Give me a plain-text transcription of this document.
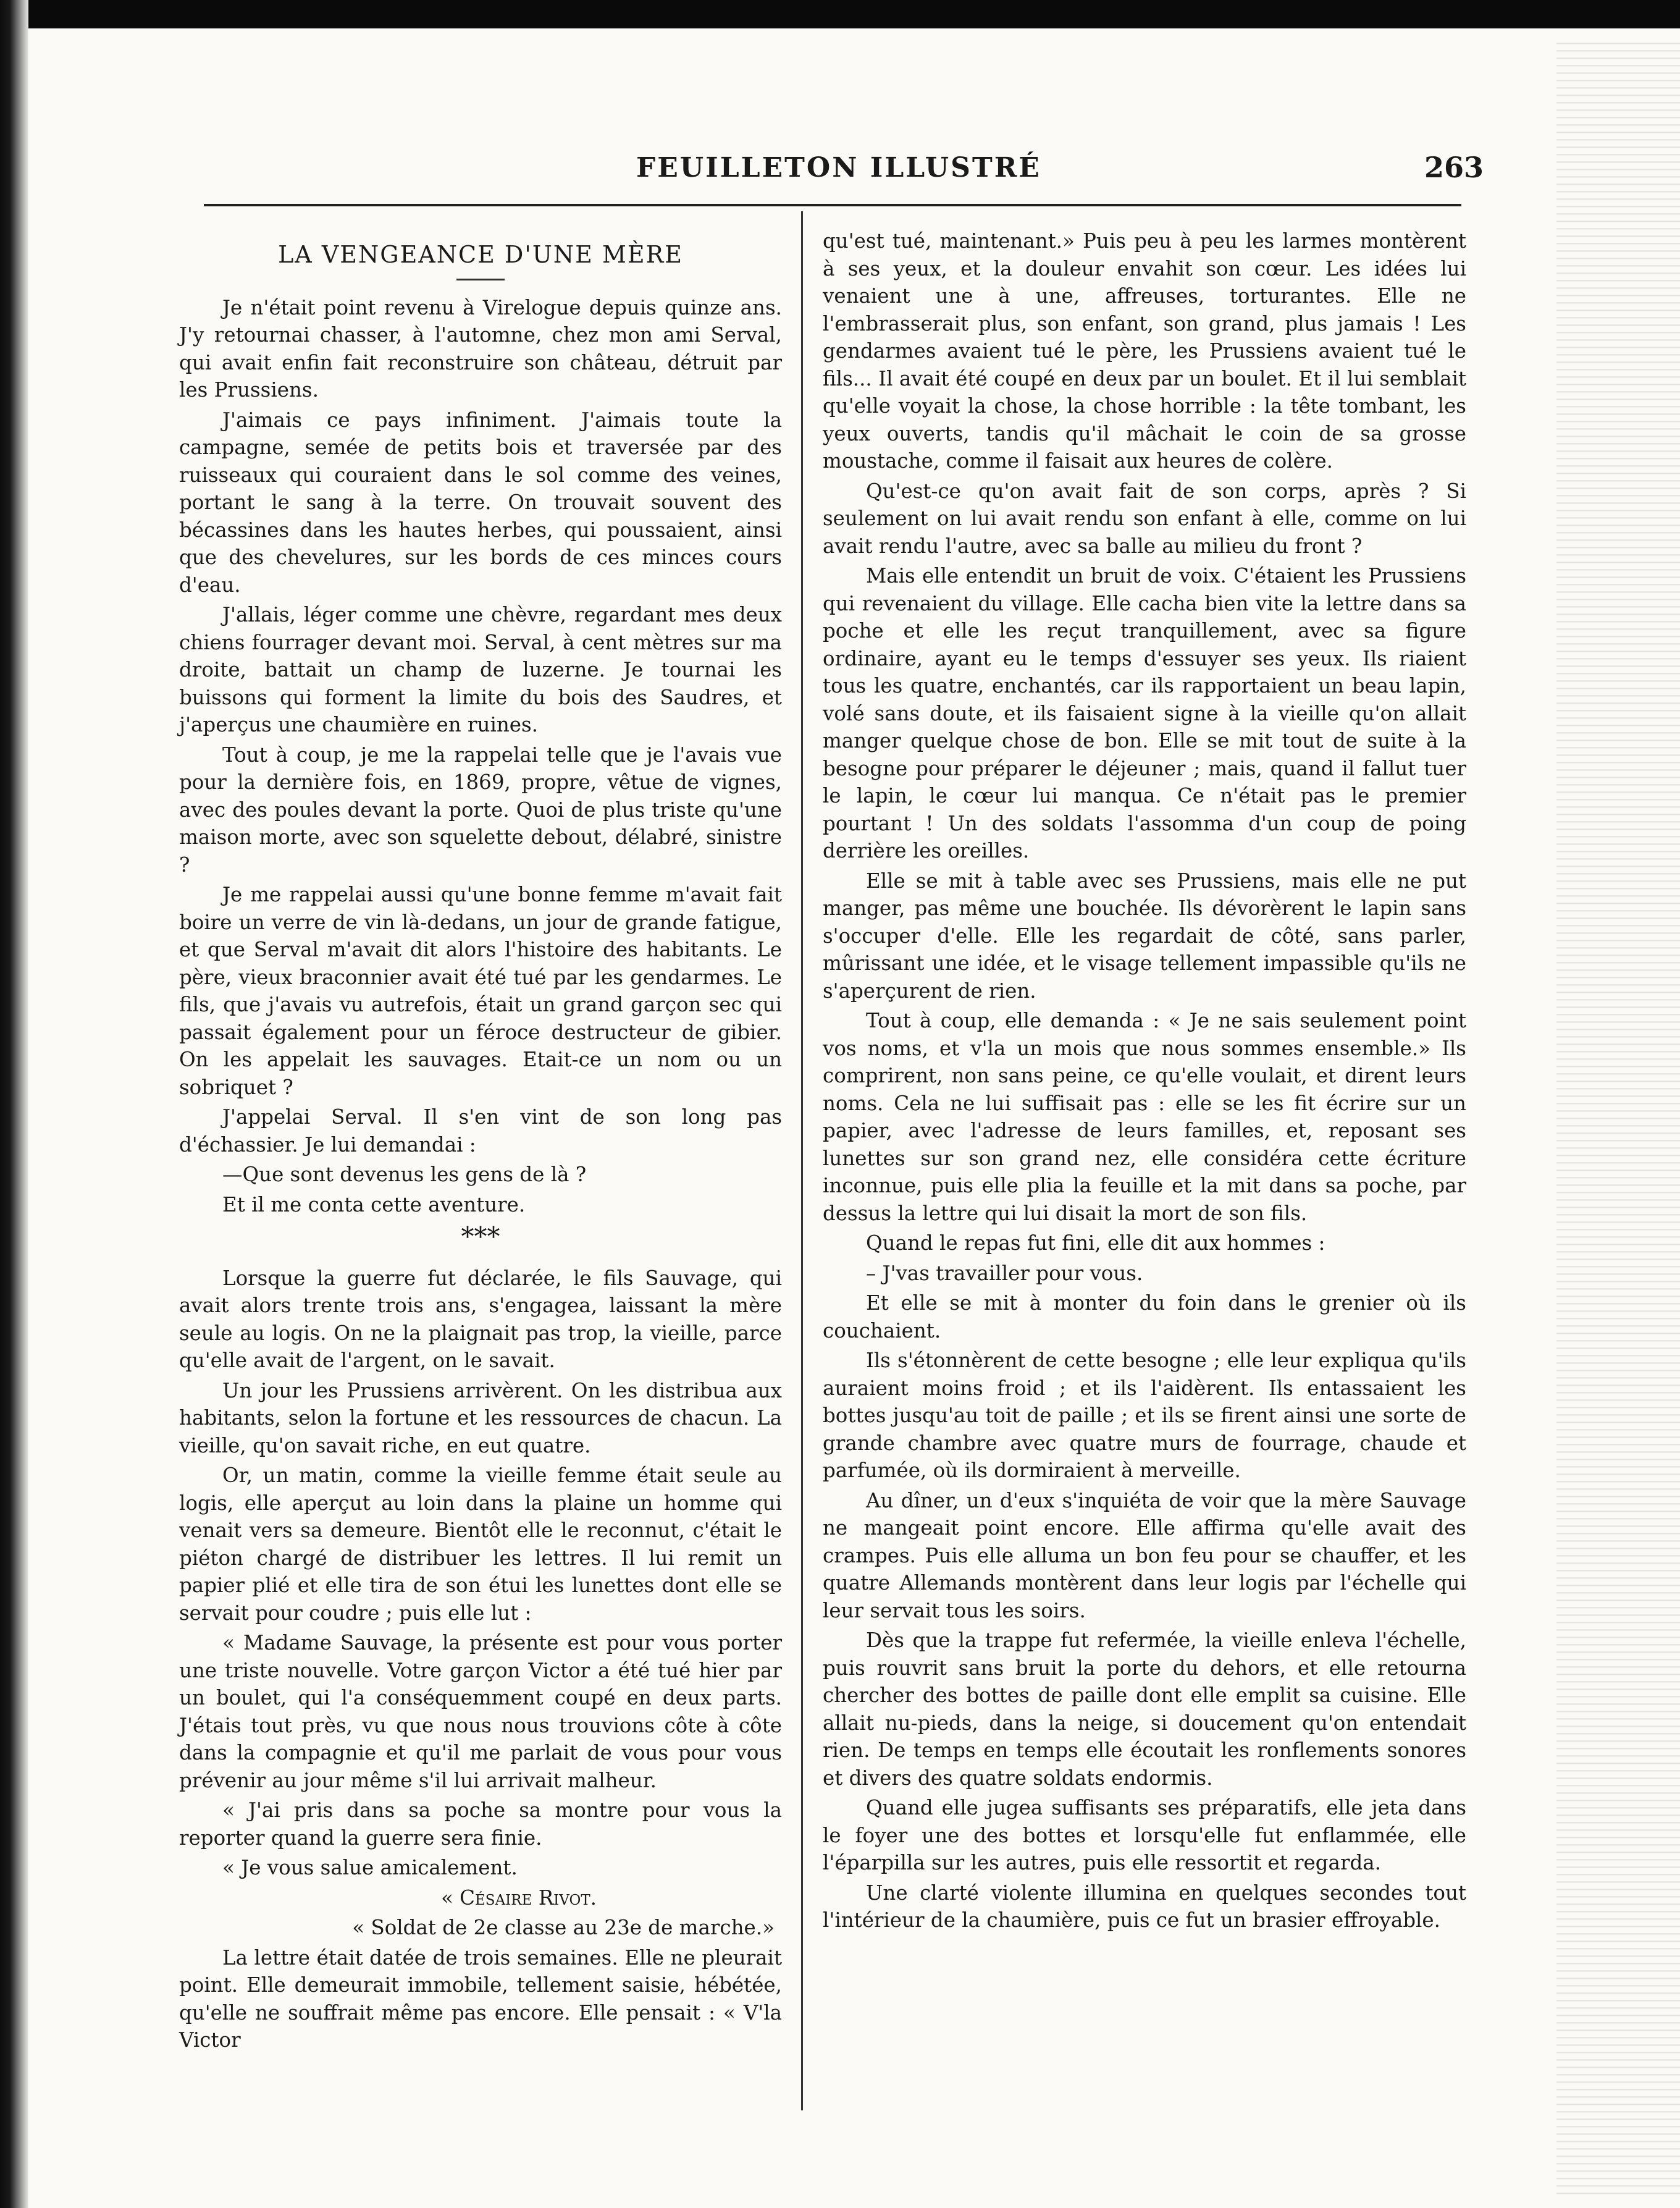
FEUILLETON ILLUSTRÉ	263
LA VENGEANCE D'UNE MÈRE

Je n'était point revenu à Virelogue depuis quinze ans. J'y retournai chasser, à l'automne, chez mon ami Serval, qui avait enfin fait reconstruire son château, détruit par les Prussiens.

J'aimais ce pays infiniment. J'aimais toute la campagne, semée de petits bois et traversée par des ruisseaux qui couraient dans le sol comme des veines, portant le sang à la terre. On trouvait souvent des bécassines dans les hautes herbes, qui poussaient, ainsi que des chevelures, sur les bords de ces minces cours d'eau.

J'allais, léger comme une chèvre, regardant mes deux chiens fourrager devant moi. Serval, à cent mètres sur ma droite, battait un champ de luzerne. Je tournai les buissons qui forment la limite du bois des Saudres, et j'aperçus une chaumière en ruines.

Tout à coup, je me la rappelai telle que je l'avais vue pour la dernière fois, en 1869, propre, vêtue de vignes, avec des poules devant la porte. Quoi de plus triste qu'une maison morte, avec son squelette debout, délabré, sinistre ?

Je me rappelai aussi qu'une bonne femme m'avait fait boire un verre de vin là-dedans, un jour de grande fatigue, et que Serval m'avait dit alors l'histoire des habitants. Le père, vieux braconnier avait été tué par les gendarmes. Le fils, que j'avais vu autrefois, était un grand garçon sec qui passait également pour un féroce destructeur de gibier. On les appelait les sauvages. Etait-ce un nom ou un sobriquet ?

J'appelai Serval. Il s'en vint de son long pas d'échassier. Je lui demandai :

—Que sont devenus les gens de là ?

Et il me conta cette aventure.

***

Lorsque la guerre fut déclarée, le fils Sauvage, qui avait alors trente trois ans, s'engagea, laissant la mère seule au logis. On ne la plaignait pas trop, la vieille, parce qu'elle avait de l'argent, on le savait.

Un jour les Prussiens arrivèrent. On les distribua aux habitants, selon la fortune et les ressources de chacun. La vieille, qu'on savait riche, en eut quatre.

Or, un matin, comme la vieille femme était seule au logis, elle aperçut au loin dans la plaine un homme qui venait vers sa demeure. Bientôt elle le reconnut, c'était le piéton chargé de distribuer les lettres. Il lui remit un papier plié et elle tira de son étui les lunettes dont elle se servait pour coudre ; puis elle lut :

« Madame Sauvage, la présente est pour vous porter une triste nouvelle. Votre garçon Victor a été tué hier par un boulet, qui l'a conséquemment coupé en deux parts. J'étais tout près, vu que nous nous trouvions côte à côte dans la compagnie et qu'il me parlait de vous pour vous prévenir au jour même s'il lui arrivait malheur.

« J'ai pris dans sa poche sa montre pour vous la reporter quand la guerre sera finie.

« Je vous salue amicalement.

« Césaire Rivot.

« Soldat de 2e classe au 23e de marche.»

La lettre était datée de trois semaines. Elle ne pleurait point. Elle demeurait immobile, tellement saisie, hébétée, qu'elle ne souffrait même pas encore. Elle pensait : « V'la Victor

qu'est tué, maintenant.» Puis peu à peu les larmes montèrent à ses yeux, et la douleur envahit son cœur. Les idées lui venaient une à une, affreuses, torturantes. Elle ne l'embrasserait plus, son enfant, son grand, plus jamais ! Les gendarmes avaient tué le père, les Prussiens avaient tué le fils... Il avait été coupé en deux par un boulet. Et il lui semblait qu'elle voyait la chose, la chose horrible : la tête tombant, les yeux ouverts, tandis qu'il mâchait le coin de sa grosse moustache, comme il faisait aux heures de colère.

Qu'est-ce qu'on avait fait de son corps, après ? Si seulement on lui avait rendu son enfant à elle, comme on lui avait rendu l'autre, avec sa balle au milieu du front ?

Mais elle entendit un bruit de voix. C'étaient les Prussiens qui revenaient du village. Elle cacha bien vite la lettre dans sa poche et elle les reçut tranquillement, avec sa figure ordinaire, ayant eu le temps d'essuyer ses yeux. Ils riaient tous les quatre, enchantés, car ils rapportaient un beau lapin, volé sans doute, et ils faisaient signe à la vieille qu'on allait manger quelque chose de bon. Elle se mit tout de suite à la besogne pour préparer le déjeuner ; mais, quand il fallut tuer le lapin, le cœur lui manqua. Ce n'était pas le premier pourtant ! Un des soldats l'assomma d'un coup de poing derrière les oreilles.

Elle se mit à table avec ses Prussiens, mais elle ne put manger, pas même une bouchée. Ils dévorèrent le lapin sans s'occuper d'elle. Elle les regardait de côté, sans parler, mûrissant une idée, et le visage tellement impassible qu'ils ne s'aperçurent de rien.

Tout à coup, elle demanda : « Je ne sais seulement point vos noms, et v'la un mois que nous sommes ensemble.» Ils comprirent, non sans peine, ce qu'elle voulait, et dirent leurs noms. Cela ne lui suffisait pas : elle se les fit écrire sur un papier, avec l'adresse de leurs familles, et, reposant ses lunettes sur son grand nez, elle considéra cette écriture inconnue, puis elle plia la feuille et la mit dans sa poche, par dessus la lettre qui lui disait la mort de son fils.

Quand le repas fut fini, elle dit aux hommes :

– J'vas travailler pour vous.

Et elle se mit à monter du foin dans le grenier où ils couchaient.

Ils s'étonnèrent de cette besogne ; elle leur expliqua qu'ils auraient moins froid ; et ils l'aidèrent. Ils entassaient les bottes jusqu'au toit de paille ; et ils se firent ainsi une sorte de grande chambre avec quatre murs de fourrage, chaude et parfumée, où ils dormiraient à merveille.

Au dîner, un d'eux s'inquiéta de voir que la mère Sauvage ne mangeait point encore. Elle affirma qu'elle avait des crampes. Puis elle alluma un bon feu pour se chauffer, et les quatre Allemands montèrent dans leur logis par l'échelle qui leur servait tous les soirs.

Dès que la trappe fut refermée, la vieille enleva l'échelle, puis rouvrit sans bruit la porte du dehors, et elle retourna chercher des bottes de paille dont elle emplit sa cuisine. Elle allait nu-pieds, dans la neige, si doucement qu'on entendait rien. De temps en temps elle écoutait les ronflements sonores et divers des quatre soldats endormis.

Quand elle jugea suffisants ses préparatifs, elle jeta dans le foyer une des bottes et lorsqu'elle fut enflammée, elle l'éparpilla sur les autres, puis elle ressortit et regarda.

Une clarté violente illumina en quelques secondes tout l'intérieur de la chaumière, puis ce fut un brasier effroyable.
